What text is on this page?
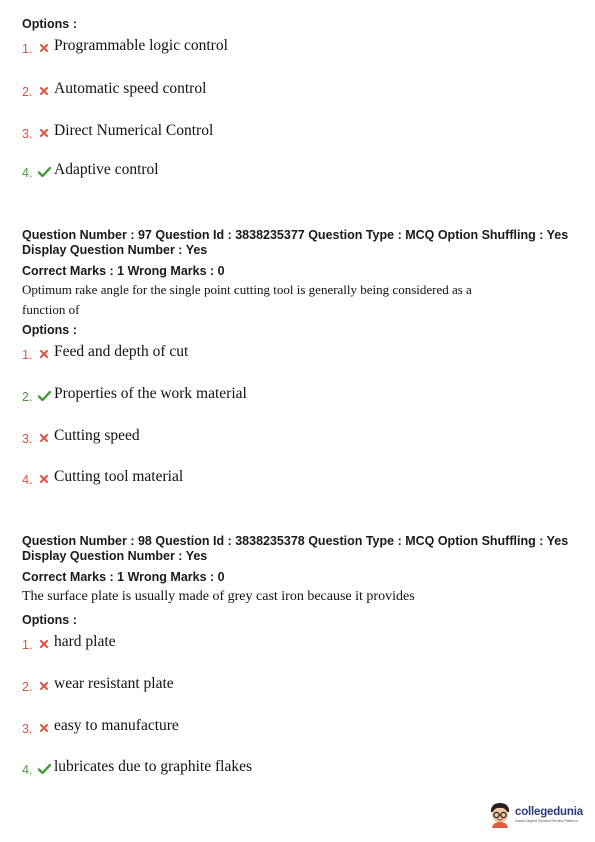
Options :
1. Programmable logic control
2. Automatic speed control
3. Direct Numerical Control
4. Adaptive control
Question Number : 97 Question Id : 3838235377 Question Type : MCQ Option Shuffling : Yes
Display Question Number : Yes
Correct Marks : 1 Wrong Marks : 0
Optimum rake angle for the single point cutting tool is generally being considered as a
function of
Options :
1. Feed and depth of cut
2. Properties of the work material
3. Cutting speed
4. Cutting tool material
Question Number : 98 Question Id : 3838235378 Question Type : MCQ Option Shuffling : Yes
Display Question Number : Yes
Correct Marks : 1 Wrong Marks : 0
The surface plate is usually made of grey cast iron because it provides
Options :
1. hard plate
2. wear resistant plate
3. easy to manufacture
4. lubricates due to graphite flakes
collegedunia
India's largest Student Review Platform
